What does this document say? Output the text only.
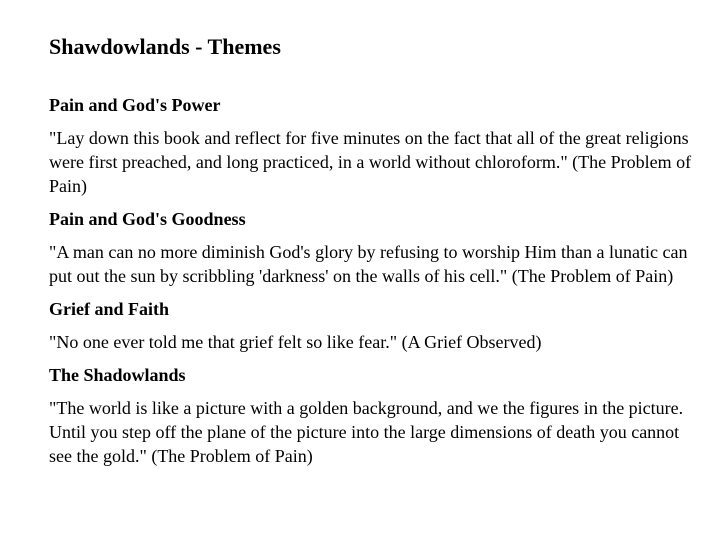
Shawdowlands - Themes
Pain and God's Power
"Lay down this book and reflect for five minutes on the fact that all of the great religions were first preached, and long practiced, in a world without chloroform." (The Problem of Pain)
Pain and God's Goodness
"A man can no more diminish God's glory by refusing to worship Him than a lunatic can put out the sun by scribbling 'darkness' on the walls of his cell." (The Problem of Pain)
Grief and Faith
"No one ever told me that grief felt so like fear." (A Grief Observed)
The Shadowlands
"The world is like a picture with a golden background, and we the figures in the picture. Until you step off the plane of the picture into the large dimensions of death you cannot see the gold." (The Problem of Pain)
